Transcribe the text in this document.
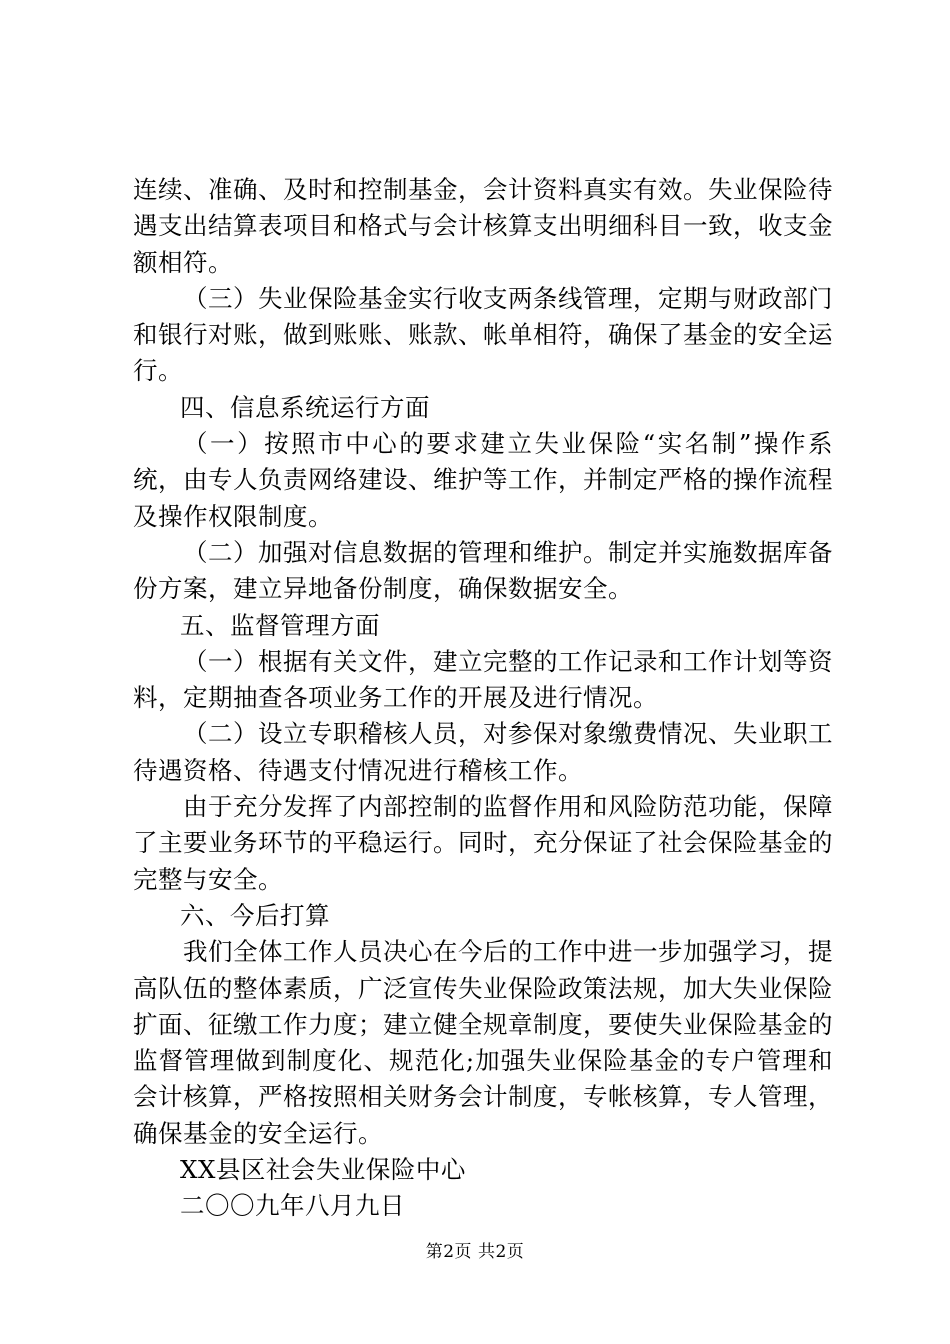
连续、准确、及时和控制基金，会计资料真实有效。失业保险待遇支出结算表项目和格式与会计核算支出明细科目一致，收支金额相符。

（三）失业保险基金实行收支两条线管理，定期与财政部门和银行对账，做到账账、账款、帐单相符，确保了基金的安全运行。

四、信息系统运行方面

（一）按照市中心的要求建立失业保险“实名制”操作系统，由专人负责网络建设、维护等工作，并制定严格的操作流程及操作权限制度。

（二）加强对信息数据的管理和维护。制定并实施数据库备份方案，建立异地备份制度，确保数据安全。

五、监督管理方面

（一）根据有关文件，建立完整的工作记录和工作计划等资料，定期抽查各项业务工作的开展及进行情况。

（二）设立专职稽核人员，对参保对象缴费情况、失业职工待遇资格、待遇支付情况进行稽核工作。

由于充分发挥了内部控制的监督作用和风险防范功能，保障了主要业务环节的平稳运行。同时，充分保证了社会保险基金的完整与安全。

六、今后打算

我们全体工作人员决心在今后的工作中进一步加强学习，提高队伍的整体素质，广泛宣传失业保险政策法规，加大失业保险扩面、征缴工作力度；建立健全规章制度，要使失业保险基金的监督管理做到制度化、规范化;加强失业保险基金的专户管理和会计核算，严格按照相关财务会计制度，专帐核算，专人管理，确保基金的安全运行。

XX县区社会失业保险中心

二〇〇九年八月九日

第2页 共2页
